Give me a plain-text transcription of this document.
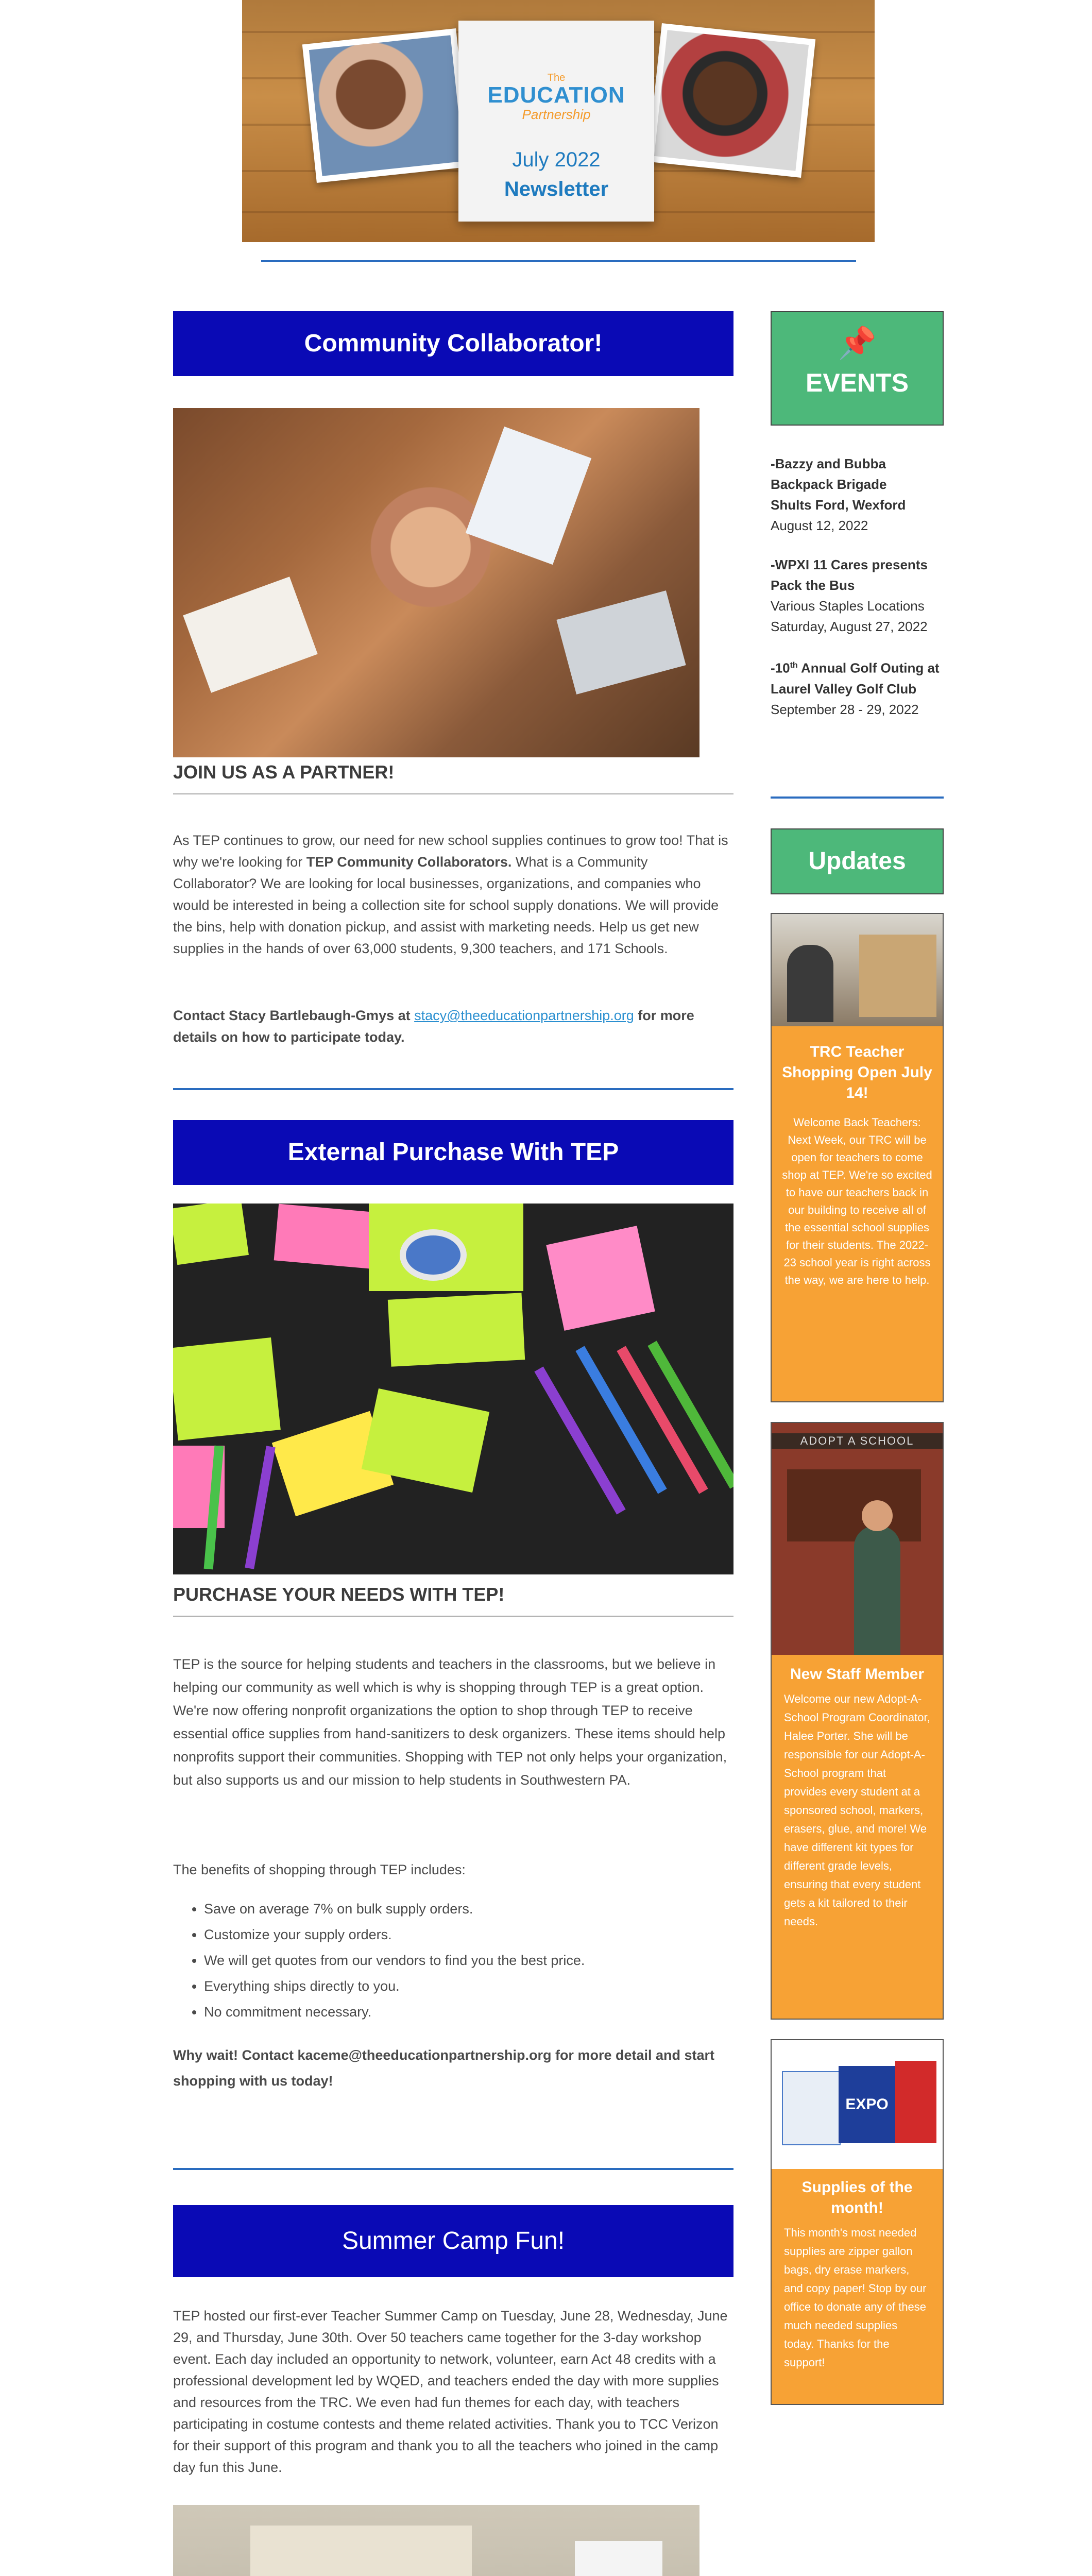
The
EDUCATION
Partnership
July 2022
Newsletter
Community Collaborator!
JOIN US AS A PARTNER!
As TEP continues to grow, our need for new school supplies continues to grow too! That is why we're looking for TEP Community Collaborators. What is a Community Collaborator? We are looking for local businesses, organizations, and companies who would be interested in being a collection site for school supply donations. We will provide the bins, help with donation pickup, and assist with marketing needs. Help us get new supplies in the hands of over 63,000 students, 9,300 teachers, and 171 Schools.
Contact Stacy Bartlebaugh-Gmys at stacy@theeducationpartnership.org for more details on how to participate today.
External Purchase With TEP
PURCHASE YOUR NEEDS WITH TEP!
TEP is the source for helping students and teachers in the classrooms, but we believe in helping our community as well which is why is shopping through TEP is a great option. We're now offering nonprofit organizations the option to shop through TEP to receive essential office supplies from hand-sanitizers to desk organizers. These items should help nonprofits support their communities. Shopping with TEP not only helps your organization, but also supports us and our mission to help students in Southwestern PA.
The benefits of shopping through TEP includes:
• Save on average 7% on bulk supply orders.
• Customize your supply orders.
• We will get quotes from our vendors to find you the best price.
• Everything ships directly to you.
• No commitment necessary.
Why wait! Contact kaceme@theeducationpartnership.org for more detail and start shopping with us today!
Summer Camp Fun!
TEP hosted our first-ever Teacher Summer Camp on Tuesday, June 28, Wednesday, June 29, and Thursday, June 30th. Over 50 teachers came together for the 3-day workshop event. Each day included an opportunity to network, volunteer, earn Act 48 credits with a professional development led by WQED, and teachers ended the day with more supplies and resources from the TRC. We even had fun themes for each day, with teachers participating in costume contests and theme related activities. Thank you to TCC Verizon for their support of this program and thank you to all the teachers who joined in the camp day fun this June.
📌
EVENTS
-Bazzy and Bubba Backpack Brigade
Shults Ford, Wexford
August 12, 2022
-WPXI 11 Cares presents Pack the Bus
Various Staples Locations
Saturday, August 27, 2022
-10th Annual Golf Outing at Laurel Valley Golf Club
September 28 - 29, 2022
Updates
TRC Teacher Shopping Open July 14!

Welcome Back Teachers: Next Week, our TRC will be open for teachers to come shop at TEP. We're so excited to have our teachers back in our building to receive all of the essential school supplies for their students. The 2022-23 school year is right across the way, we are here to help.

ADOPT A SCHOOL
New Staff Member

Welcome our new Adopt-A-School Program Coordinator, Halee Porter. She will be responsible for our Adopt-A-School program that provides every student at a sponsored school, markers, erasers, glue, and more! We have different kit types for different grade levels, ensuring that every student gets a kit tailored to their needs.

EXPO
Supplies of the month!

This month's most needed supplies are zipper gallon bags, dry erase markers, and copy paper! Stop by our office to donate any of these much needed supplies today. Thanks for the support!
